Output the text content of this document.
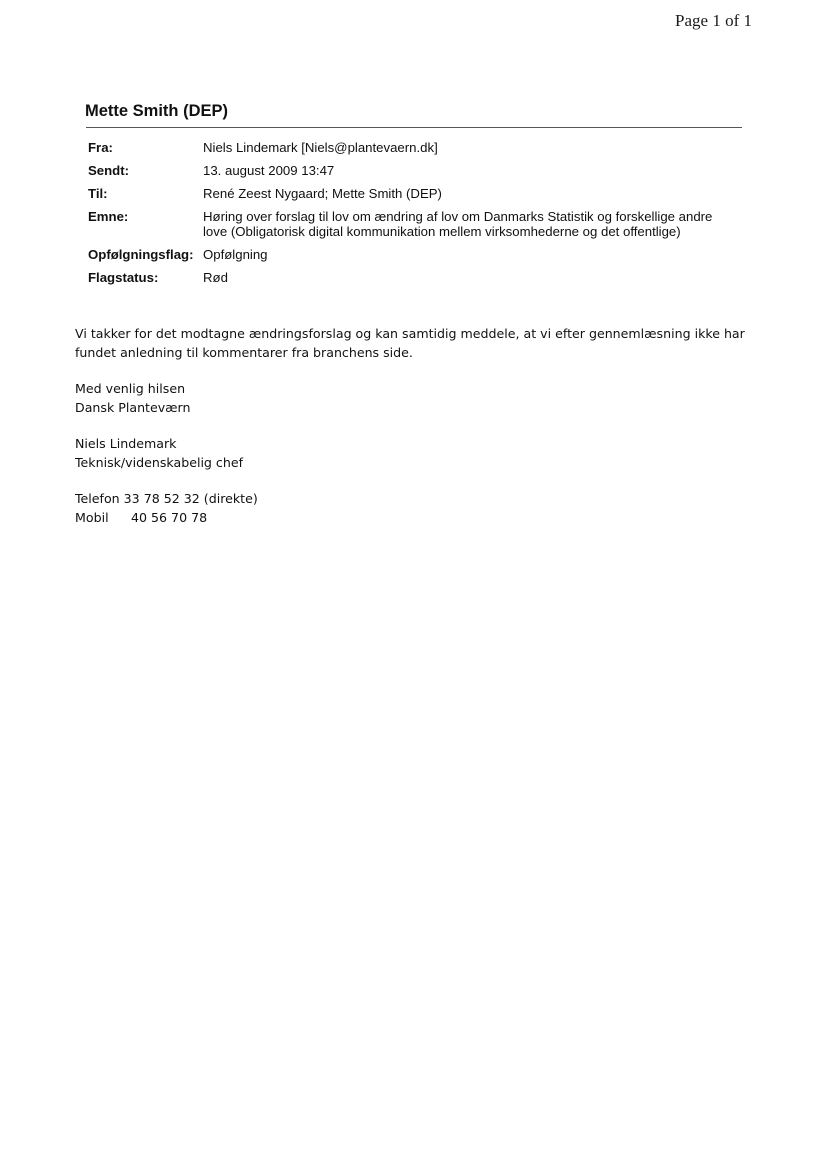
Page 1 of 1
Mette Smith (DEP)
Fra:	Niels Lindemark [Niels@plantevaern.dk]
Sendt:	13. august 2009 13:47
Til:	René Zeest Nygaard; Mette Smith (DEP)
Emne:	Høring over forslag til lov om ændring af lov om Danmarks Statistik og forskellige andre love (Obligatorisk digital kommunikation mellem virksomhederne og det offentlige)
Opfølgningsflag: Opfølgning
Flagstatus:	Rød
Vi takker for det modtagne ændringsforslag og kan samtidig meddele, at vi efter gennemlæsning ikke har
fundet anledning til kommentarer fra branchens side.
Med venlig hilsen
Dansk Planteværn
Niels Lindemark
Teknisk/videnskabelig chef
Telefon 33 78 52 32 (direkte)
Mobil 40 56 70 78
